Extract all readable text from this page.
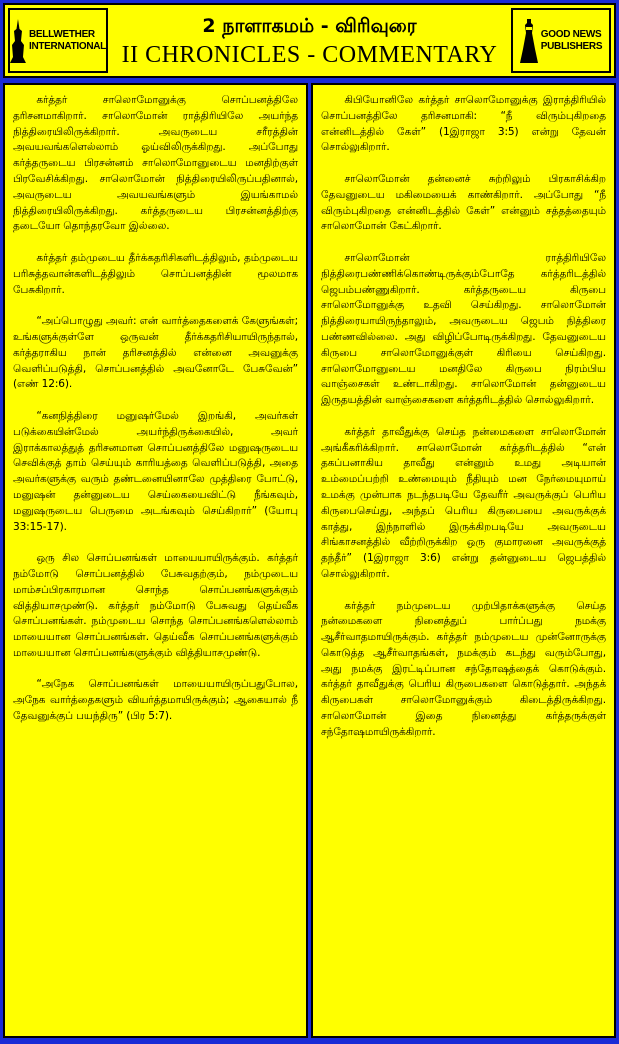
BELLWETHER
INTERNATIONAL
2 நாளாகமம் - விரிவுரை
II CHRONICLES - COMMENTARY
GOOD NEWS
PUBLISHERS

கர்த்தர் சாலொமோனுக்கு சொப்பனத்திலே தரிசனமாகிறார். சாலொமோன் ராத்திரியிலே அயர்ந்த நித்திரையிலிருக்கிறார். அவருடைய சரீரத்தின் அவயவங்களெல்லாம் ஓய்விலிருக்கிறது. அப்போது கர்த்தருடைய பிரசன்னம் சாலொமோனுடைய மனதிற்குள் பிரவேசிக்கிறது. சாலொமோன் நித்திரையிலிருப்பதினால், அவருடைய அவயவங்களும் இயங்காமல் நித்திரையிலிருக்கிறது. கர்த்தருடைய பிரசன்னத்திற்கு தடையோ தொந்தரவோ இல்லை.

கர்த்தர் தம்முடைய தீர்க்கதரிசிகளிடத்திலும், தம்முடைய பரிசுத்தவான்களிடத்திலும் சொப்பனத்தின் மூலமாக பேசுகிறார்.

“அப்பொழுது அவர்: என் வார்த்தைகளைக் கேளுங்கள்; உங்களுக்குள்ளே ஒருவன் தீர்க்கதரிசியாயிருந்தால், கர்த்தராகிய நான் தரிசனத்தில் என்னை அவனுக்கு வெளிப்படுத்தி, சொப்பனத்தில் அவனோடே பேசுவேன்” (எண் 12:6).

“கனநித்திரை மனுஷர்மேல் இறங்கி, அவர்கள் படுக்கையின்மேல் அயர்ந்திருக்கையில், அவர் இராக்காலத்துத் தரிசனமான சொப்பனத்திலே மனுஷருடைய செவிக்குத் தாம் செய்யும் காரியத்தை வெளிப்படுத்தி, அதை அவர்களுக்கு வரும் தண்டனையினாலே முத்திரை போட்டு, மனுஷன் தன்னுடைய செய்கையைவிட்டு நீங்கவும், மனுஷருடைய பெருமை அடங்கவும் செய்கிறார்” (யோபு 33:15-17).

ஒரு சில சொப்பனங்கள் மாயையாயிருக்கும். கர்த்தர் நம்மோடு சொப்பனத்தில் பேசுவதற்கும், நம்முடைய மாம்சப்பிரகாரமான சொந்த சொப்பனங்களுக்கும் வித்தியாசமுண்டு. கர்த்தர் நம்மோடு பேசுவது தெய்வீக சொப்பனங்கள். நம்முடைய சொந்த சொப்பனங்களெல்லாம் மாயையான சொப்பனங்கள். தெய்வீக சொப்பனங்களுக்கும் மாயையான சொப்பனங்களுக்கும் வித்தியாசமுண்டு.

“அநேக சொப்பனங்கள் மாயையாயிருப்பதுபோல, அநேக வார்த்தைகளும் வியர்த்தமாயிருக்கும்; ஆகையால் நீ தேவனுக்குப் பயந்திரு” (பிர 5:7).

கிபியோனிலே கர்த்தர் சாலொமோனுக்கு இராத்திரியில் சொப்பனத்திலே தரிசனமாகி: “நீ விரும்புகிறதை என்னிடத்தில் கேள்” (1இராஜா 3:5) என்று தேவன் சொல்லுகிறார்.

சாலொமோன் தன்னைச் சுற்றிலும் பிரகாசிக்கிற தேவனுடைய மகிமையைக் காண்கிறார். அப்போது “நீ விரும்புகிறதை என்னிடத்தில் கேள்” என்னும் சத்தத்தையும் சாலொமோன் கேட்கிறார்.

சாலொமோன் ராத்திரியிலே நித்திரைபண்ணிக்கொண்டிருக்கும்போதே கர்த்தரிடத்தில் ஜெபம்பண்ணுகிறார். கர்த்தருடைய கிருபை சாலொமோனுக்கு உதவி செய்கிறது. சாலொமோன் நித்திரையாயிருந்தாலும், அவருடைய ஜெபம் நித்திரை பண்ணவில்லை. அது விழிப்போடிருக்கிறது. தேவனுடைய கிருபை சாலொமோனுக்குள் கிரியை செய்கிறது. சாலொமோனுடைய மனதிலே கிருபை நிரம்பிய வாஞ்சைகள் உண்டாகிறது. சாலொமோன் தன்னுடைய இருதயத்தின் வாஞ்சைகளை கர்த்தரிடத்தில் சொல்லுகிறார்.

கர்த்தர் தாவீதுக்கு செய்த நன்மைகளை சாலொமோன் அங்கீகரிக்கிறார். சாலொமோன் கர்த்தரிடத்தில் “என் தகப்பனாகிய தாவீது என்னும் உமது அடியான் உம்மைப்பற்றி உண்மையும் நீதியும் மன நேர்மையுமாய் உமக்கு முன்பாக நடந்தபடியே தேவரீர் அவருக்குப் பெரிய கிருபைசெய்து, அந்தப் பெரிய கிருபையை அவருக்குக் காத்து, இந்நாளில் இருக்கிறபடியே அவருடைய சிங்காசனத்தில் வீற்றிருக்கிற ஒரு குமாரனை அவருக்குத் தந்தீர்” (1இராஜா 3:6) என்று தன்னுடைய ஜெபத்தில் சொல்லுகிறார்.

கர்த்தர் நம்முடைய முற்பிதாக்களுக்கு செய்த நன்மைகளை நினைத்துப் பார்ப்பது நமக்கு ஆசீர்வாதமாயிருக்கும். கர்த்தர் நம்முடைய முன்னோருக்கு கொடுத்த ஆசீர்வாதங்கள், நமக்கும் கடந்து வரும்போது, அது நமக்கு இரட்டிப்பான சந்தோஷத்தைக் கொடுக்கும். கர்த்தர் தாவீதுக்கு பெரிய கிருபைகளை கொடுத்தார். அந்தக் கிருபைகள் சாலொமோனுக்கும் கிடைத்திருக்கிறது. சாலொமோன் இதை நினைத்து கர்த்தருக்குள் சந்தோஷமாயிருக்கிறார்.
